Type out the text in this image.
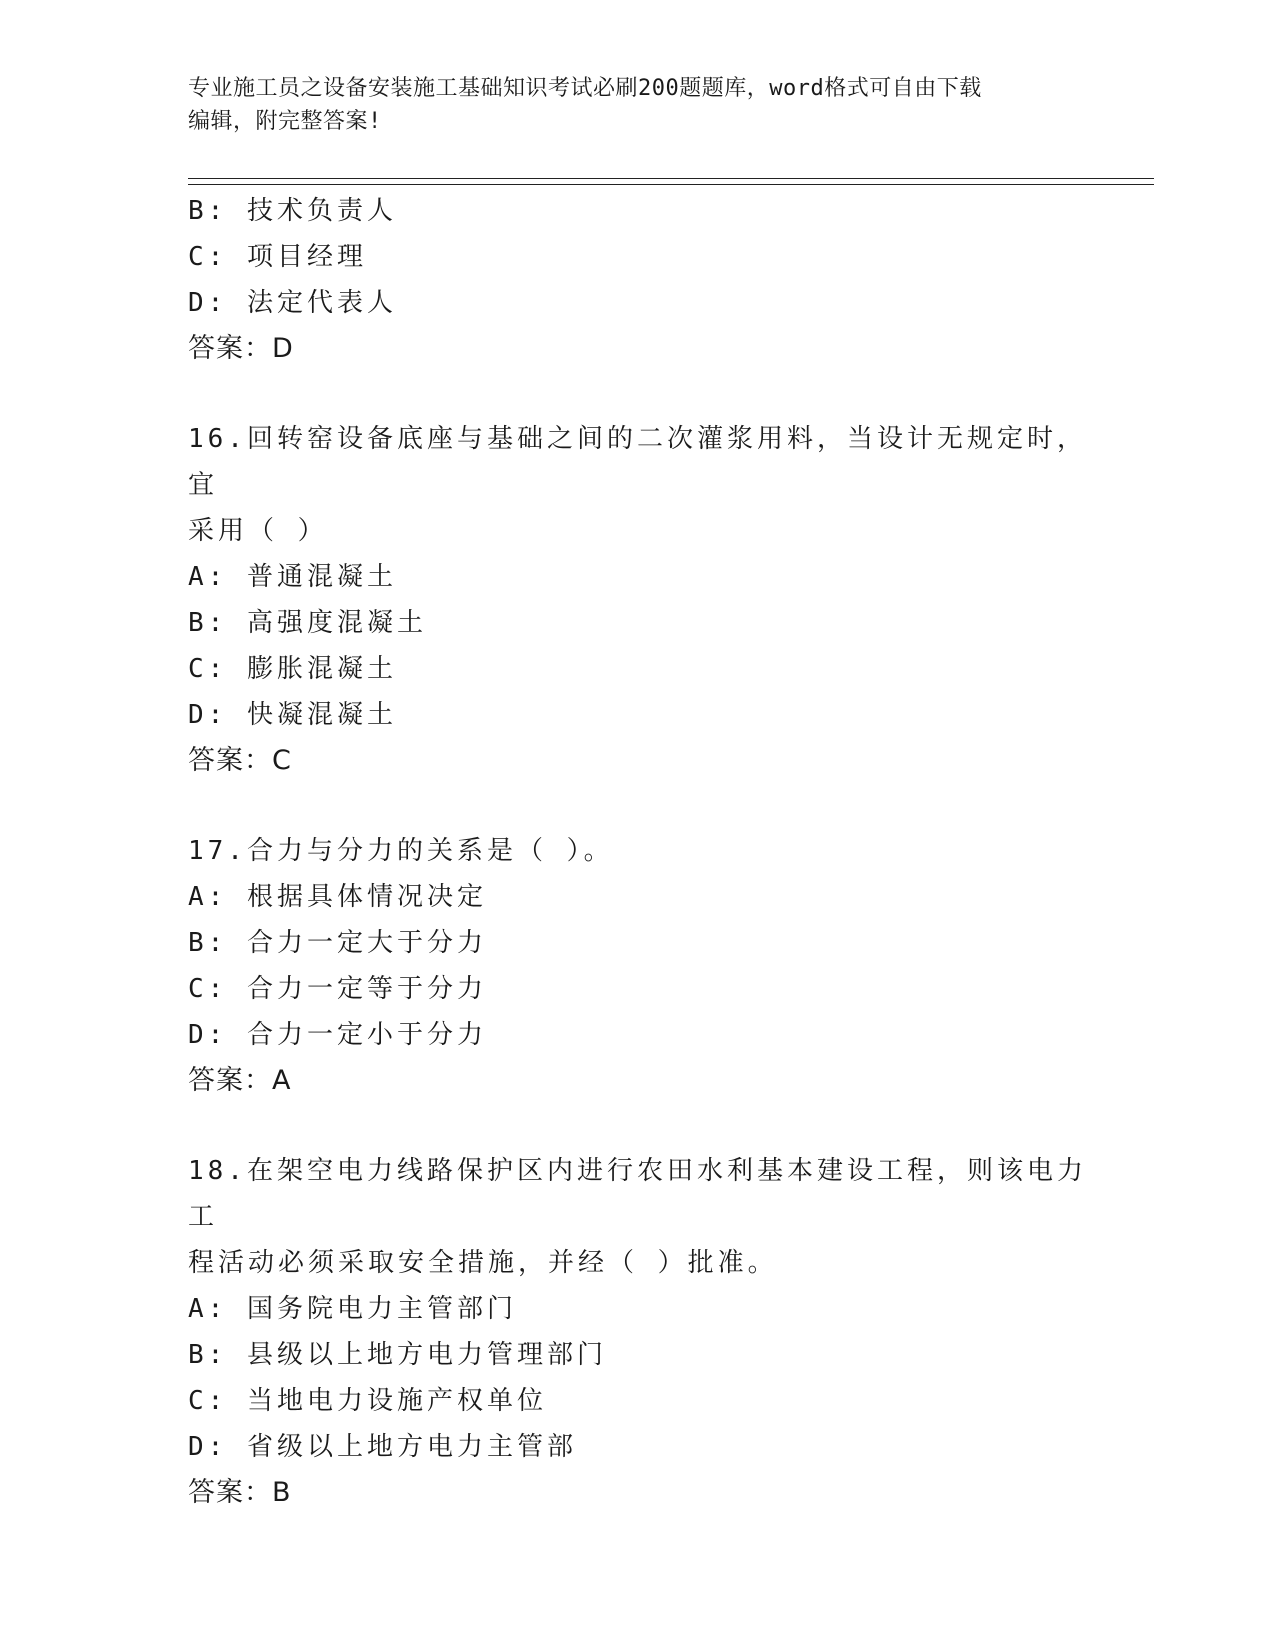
专业施工员之设备安装施工基础知识考试必刷200题题库，word格式可自由下载
编辑，附完整答案!
B: 技术负责人
C: 项目经理
D: 法定代表人
答案：D
16.回转窑设备底座与基础之间的二次灌浆用料，当设计无规定时，宜
采用（ ）
A: 普通混凝土
B: 高强度混凝土
C: 膨胀混凝土
D: 快凝混凝土
答案：C
17.合力与分力的关系是（ ）。
A: 根据具体情况决定
B: 合力一定大于分力
C: 合力一定等于分力
D: 合力一定小于分力
答案：A
18.在架空电力线路保护区内进行农田水利基本建设工程，则该电力工
程活动必须采取安全措施，并经（ ）批准。
A: 国务院电力主管部门
B: 县级以上地方电力管理部门
C: 当地电力设施产权单位
D: 省级以上地方电力主管部
答案：B
